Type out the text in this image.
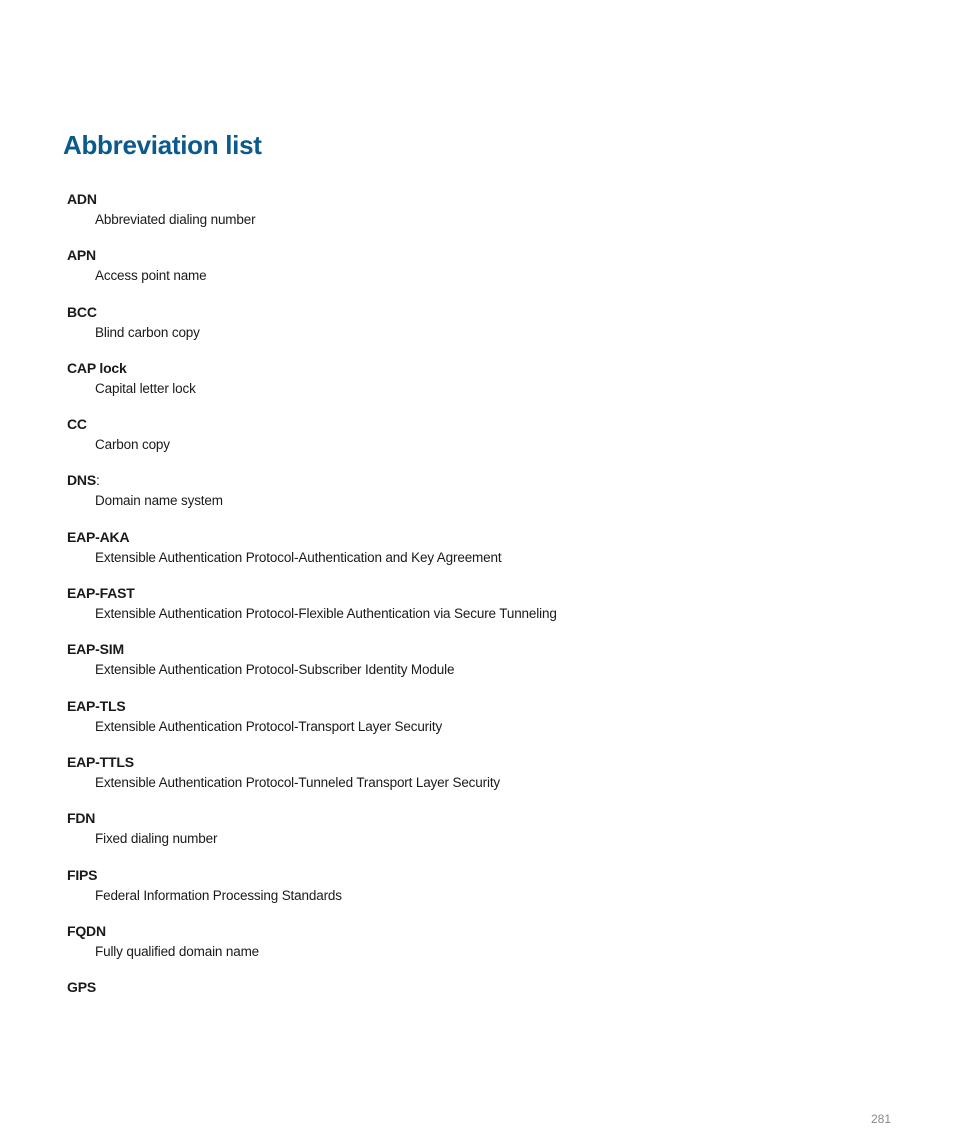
Abbreviation list
ADN
Abbreviated dialing number
APN
Access point name
BCC
Blind carbon copy
CAP lock
Capital letter lock
CC
Carbon copy
DNS:
Domain name system
EAP-AKA
Extensible Authentication Protocol-Authentication and Key Agreement
EAP-FAST
Extensible Authentication Protocol-Flexible Authentication via Secure Tunneling
EAP-SIM
Extensible Authentication Protocol-Subscriber Identity Module
EAP-TLS
Extensible Authentication Protocol-Transport Layer Security
EAP-TTLS
Extensible Authentication Protocol-Tunneled Transport Layer Security
FDN
Fixed dialing number
FIPS
Federal Information Processing Standards
FQDN
Fully qualified domain name
GPS
281
